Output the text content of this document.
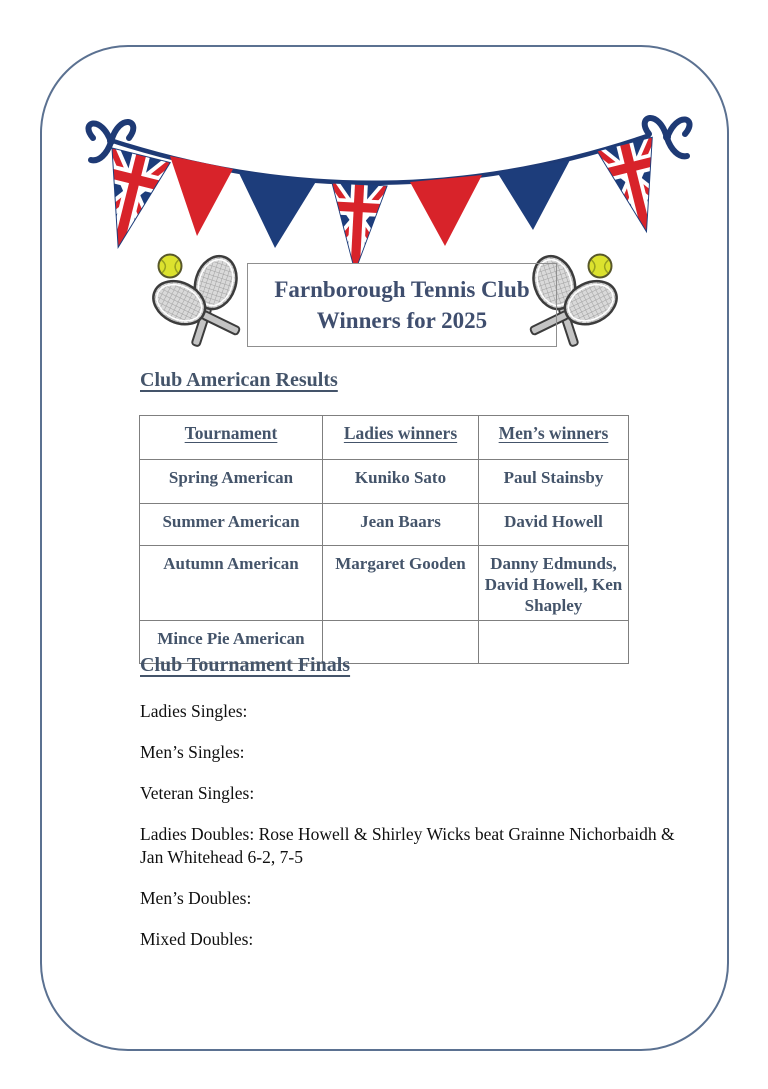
Farnborough Tennis Club
Winners for 2025
Club American Results
Tournament	Ladies winners	Men’s winners
Spring American	Kuniko Sato	Paul Stainsby
Summer American	Jean Baars	David Howell
Autumn American	Margaret Gooden	Danny Edmunds, David Howell, Ken Shapley
Mince Pie American		
Club Tournament Finals

Ladies Singles:

Men’s Singles:

Veteran Singles:

Ladies Doubles: Rose Howell & Shirley Wicks beat Grainne Nichorbaidh & Jan Whitehead 6-2, 7-5

Men’s Doubles:

Mixed Doubles:
